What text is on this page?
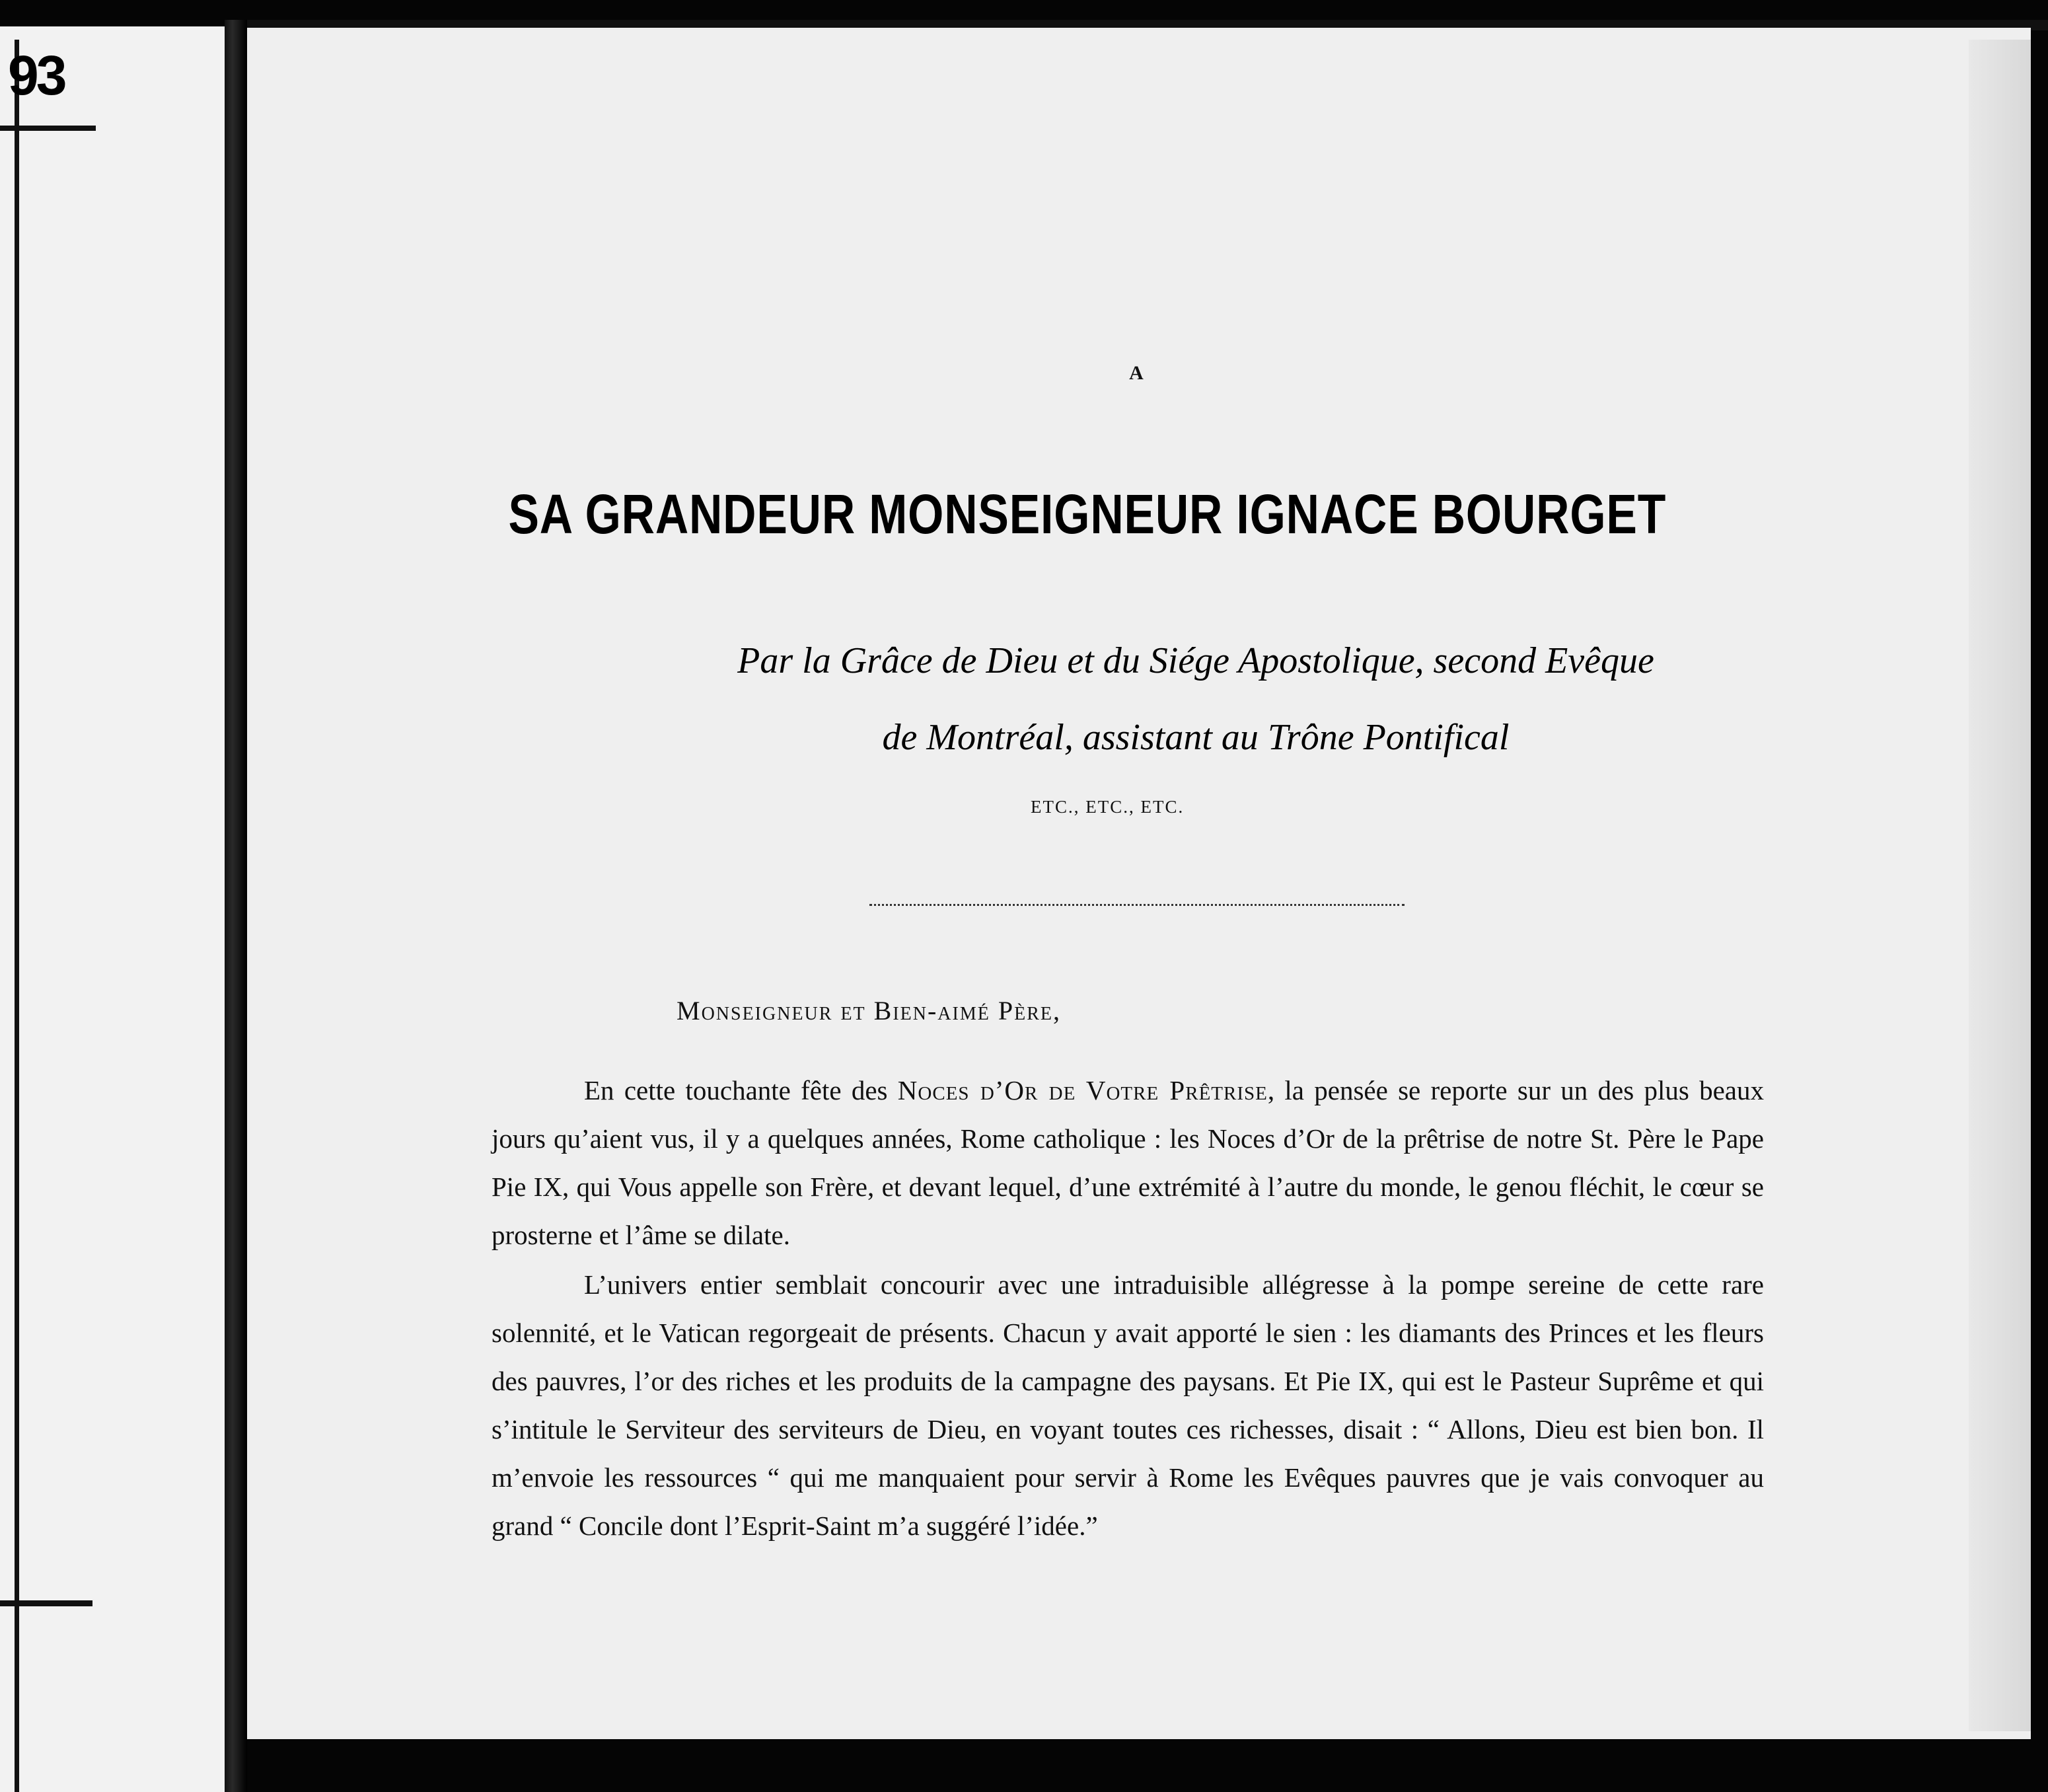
93
A
SA GRANDEUR MONSEIGNEUR IGNACE BOURGET
Par la Grâce de Dieu et du Siége Apostolique, second Evêque
de Montréal, assistant au Trône Pontifical
ETC., ETC., ETC.
Monseigneur et Bien-aimé Père,
En cette touchante fête des Noces d’Or de Votre Prêtrise, la pensée se reporte sur un des plus beaux jours qu’aient vus, il y a quelques années, Rome catholique : les Noces d’Or de la prêtrise de notre St. Père le Pape Pie IX, qui Vous appelle son Frère, et devant lequel, d’une extrémité à l’autre du monde, le genou fléchit, le cœur se prosterne et l’âme se dilate.
L’univers entier semblait concourir avec une intraduisible allégresse à la pompe sereine de cette rare solennité, et le Vatican regorgeait de présents. Chacun y avait apporté le sien : les diamants des Princes et les fleurs des pauvres, l’or des riches et les produits de la campagne des paysans. Et Pie IX, qui est le Pasteur Suprême et qui s’intitule le Serviteur des serviteurs de Dieu, en voyant toutes ces richesses, disait : “ Allons, Dieu est bien bon. Il m’envoie les ressources “ qui me manquaient pour servir à Rome les Evêques pauvres que je vais convoquer au grand “ Concile dont l’Esprit-Saint m’a suggéré l’idée.”
